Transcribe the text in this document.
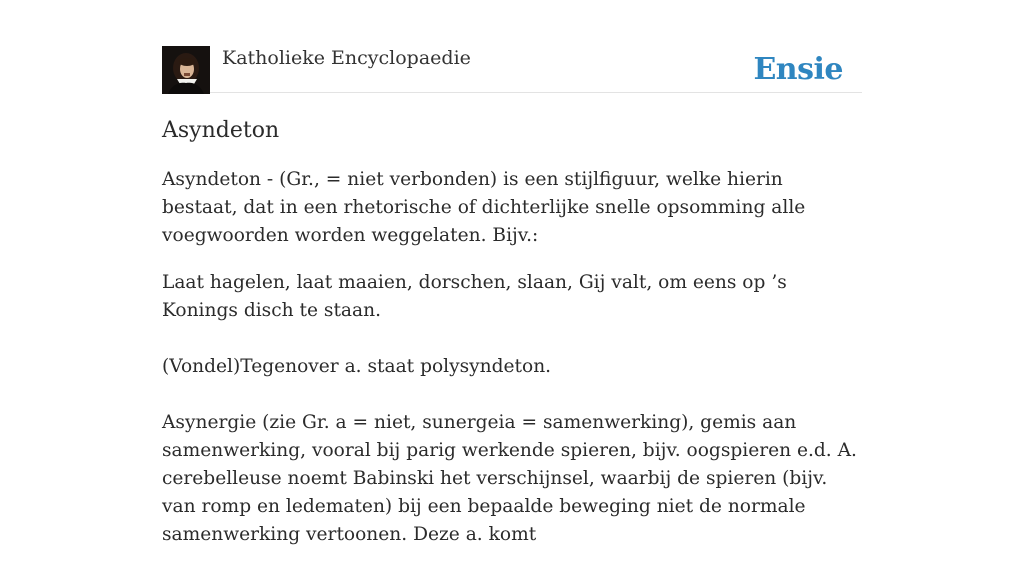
Katholieke Encyclopaedie	Ensie
Asyndeton

Asyndeton - (Gr., = niet verbonden) is een stijlfiguur, welke hierin bestaat, dat in een rhetorische of dichterlijke snelle opsomming alle voegwoorden worden weggelaten. Bijv.:

Laat hagelen, laat maaien, dorschen, slaan, Gij valt, om eens op ’s Konings disch te staan.

(Vondel)Tegenover a. staat polysyndeton.

Asynergie (zie Gr. a = niet, sunergeia = samenwerking), gemis aan samenwerking, vooral bij parig werkende spieren, bijv. oogspieren e.d. A. cerebelleuse noemt Babinski het verschijnsel, waarbij de spieren (bijv. van romp en ledematen) bij een bepaalde beweging niet de normale samenwerking vertoonen. Deze a. komt
